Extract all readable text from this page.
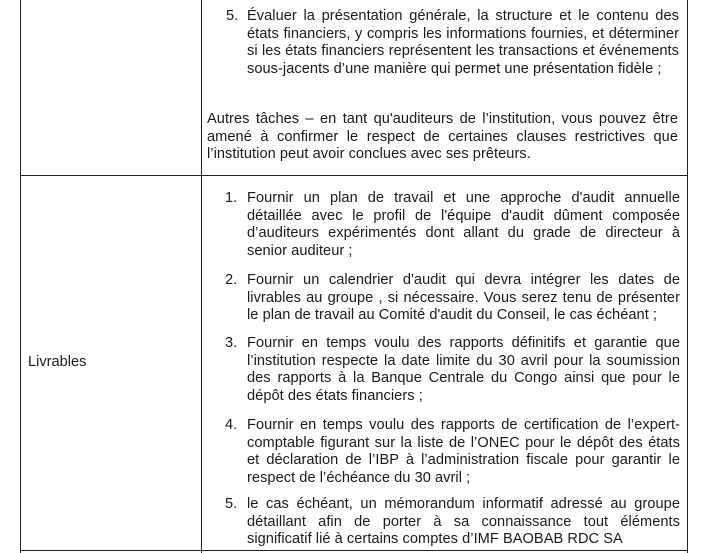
5. Évaluer la présentation générale, la structure et le contenu des états financiers, y compris les informations fournies, et déterminer si les états financiers représentent les transactions et événements sous-jacents d’une manière qui permet une présentation fidèle ;
Autres tâches – en tant qu'auditeurs de l’institution, vous pouvez être amené à confirmer le respect de certaines clauses restrictives que l’institution peut avoir conclues avec ses prêteurs.
Livrables
1. Fournir un plan de travail et une approche d'audit annuelle détaillée avec le profil de l'équipe d'audit dûment composée d’auditeurs expérimentés dont allant du grade de directeur à senior auditeur ;
2. Fournir un calendrier d'audit qui devra intégrer les dates de livrables au groupe , si nécessaire. Vous serez tenu de présenter le plan de travail au Comité d'audit du Conseil, le cas échéant ;
3. Fournir en temps voulu des rapports définitifs et garantie que l’institution respecte la date limite du 30 avril pour la soumission des rapports à la Banque Centrale du Congo ainsi que pour le dépôt des états financiers ;
4. Fournir en temps voulu des rapports de certification de l’expert-comptable figurant sur la liste de l’ONEC pour le dépôt des états et déclaration de l’IBP à l’administration fiscale pour garantir le respect de l’échéance du 30 avril ;
5. le cas échéant, un mémorandum informatif adressé au groupe détaillant afin de porter à sa connaissance tout éléments significatif lié à certains comptes d’IMF BAOBAB RDC SA
